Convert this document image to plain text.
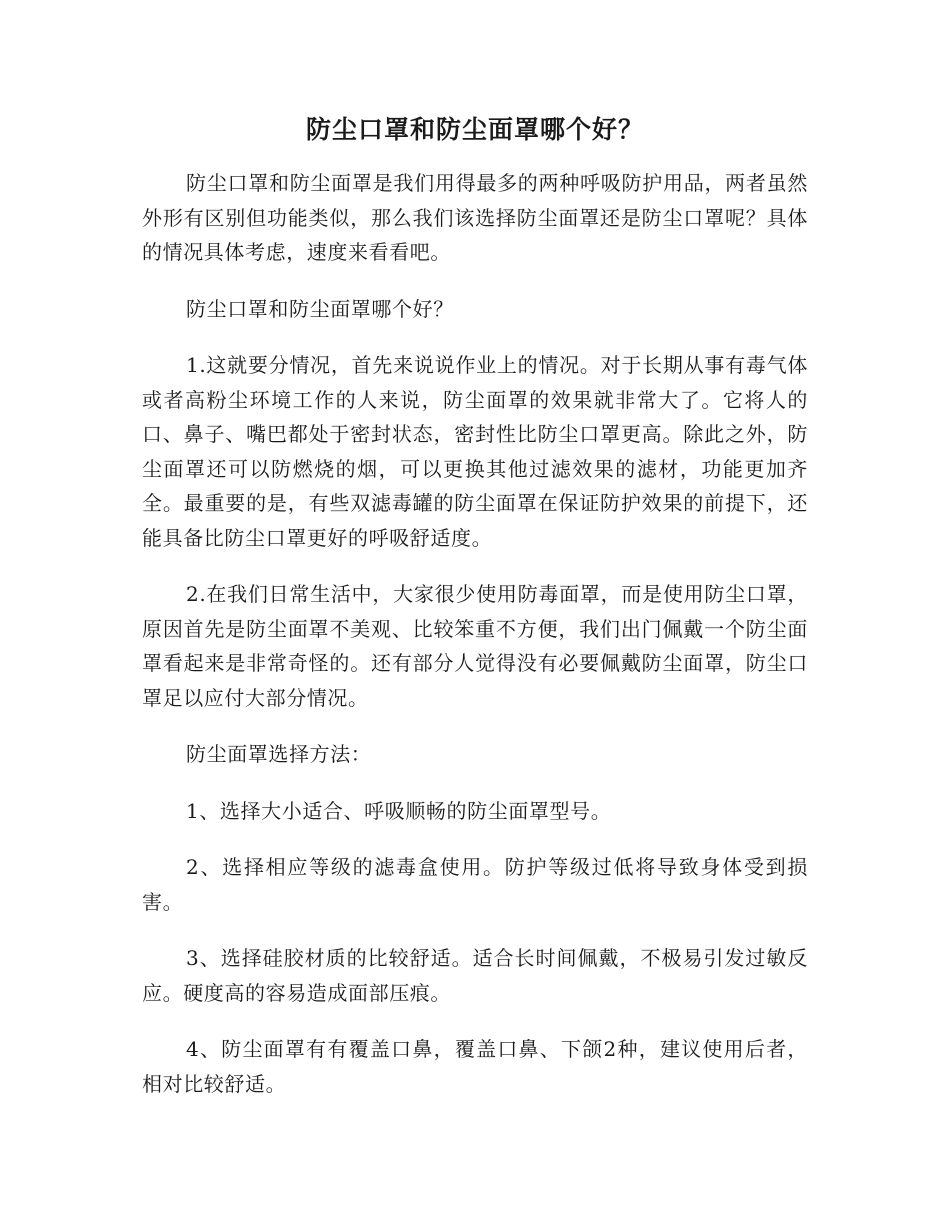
防尘口罩和防尘面罩哪个好？

防尘口罩和防尘面罩是我们用得最多的两种呼吸防护用品，两者虽然外形有区别但功能类似，那么我们该选择防尘面罩还是防尘口罩呢？具体的情况具体考虑，速度来看看吧。

防尘口罩和防尘面罩哪个好？

1.这就要分情况，首先来说说作业上的情况。对于长期从事有毒气体或者高粉尘环境工作的人来说，防尘面罩的效果就非常大了。它将人的口、鼻子、嘴巴都处于密封状态，密封性比防尘口罩更高。除此之外，防尘面罩还可以防燃烧的烟，可以更换其他过滤效果的滤材，功能更加齐全。最重要的是，有些双滤毒罐的防尘面罩在保证防护效果的前提下，还能具备比防尘口罩更好的呼吸舒适度。

2.在我们日常生活中，大家很少使用防毒面罩，而是使用防尘口罩，原因首先是防尘面罩不美观、比较笨重不方便，我们出门佩戴一个防尘面罩看起来是非常奇怪的。还有部分人觉得没有必要佩戴防尘面罩，防尘口罩足以应付大部分情况。

防尘面罩选择方法：

1、选择大小适合、呼吸顺畅的防尘面罩型号。

2、选择相应等级的滤毒盒使用。防护等级过低将导致身体受到损害。

3、选择硅胶材质的比较舒适。适合长时间佩戴，不极易引发过敏反应。硬度高的容易造成面部压痕。

4、防尘面罩有有覆盖口鼻，覆盖口鼻、下颌2种，建议使用后者，相对比较舒适。
